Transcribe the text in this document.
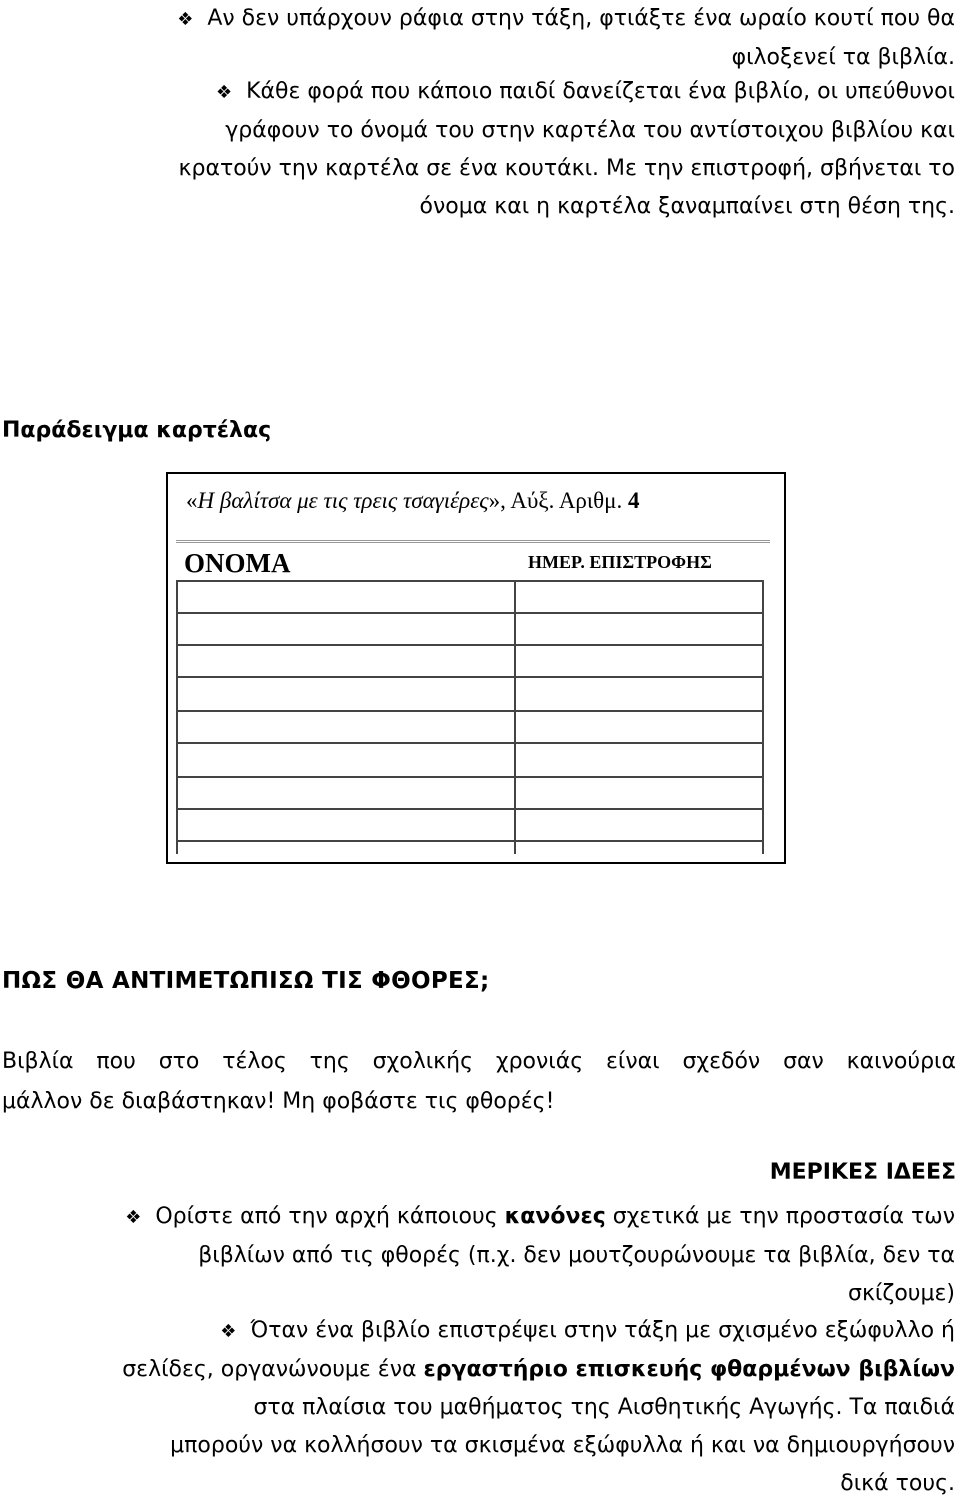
❖ Αν δεν υπάρχουν ράφια στην τάξη, φτιάξτε ένα ωραίο κουτί που θα
φιλοξενεί τα βιβλία.
❖ Κάθε φορά που κάποιο παιδί δανείζεται ένα βιβλίο, οι υπεύθυνοι
γράφουν το όνομά του στην καρτέλα του αντίστοιχου βιβλίου και
κρατούν την καρτέλα σε ένα κουτάκι. Με την επιστροφή, σβήνεται το
όνομα και η καρτέλα ξαναμπαίνει στη θέση της.
Παράδειγμα καρτέλας
«Η βαλίτσα με τις τρεις τσαγιέρες», Αύξ. Αριθμ. 4
ΟΝΟΜΑ	ΗΜΕΡ. ΕΠΙΣΤΡΟΦΗΣ
ΠΩΣ ΘΑ ΑΝΤΙΜΕΤΩΠΙΣΩ ΤΙΣ ΦΘΟΡΕΣ;
Βιβλία που στο τέλος της σχολικής χρονιάς είναι σχεδόν σαν καινούρια
μάλλον δε διαβάστηκαν! Μη φοβάστε τις φθορές!
ΜΕΡΙΚΕΣ ΙΔΕΕΣ
❖ Ορίστε από την αρχή κάποιους κανόνες σχετικά με την προστασία των
βιβλίων από τις φθορές (π.χ. δεν μουτζουρώνουμε τα βιβλία, δεν τα
σκίζουμε)
❖ Όταν ένα βιβλίο επιστρέψει στην τάξη με σχισμένο εξώφυλλο ή
σελίδες, οργανώνουμε ένα εργαστήριο επισκευής φθαρμένων βιβλίων
στα πλαίσια του μαθήματος της Αισθητικής Αγωγής. Τα παιδιά
μπορούν να κολλήσουν τα σκισμένα εξώφυλλα ή και να δημιουργήσουν
δικά τους.
